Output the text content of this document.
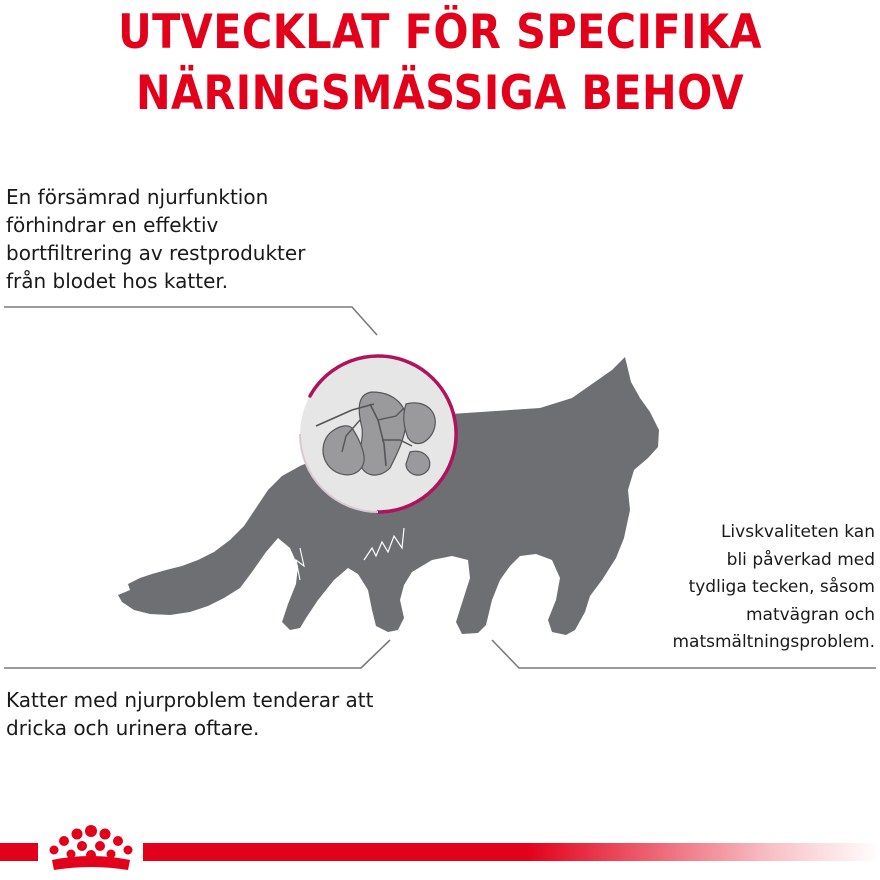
UTVECKLAT FÖR SPECIFIKA
NÄRINGSMÄSSIGA BEHOV

En försämrad njurfunktion
förhindrar en effektiv
bortfiltrering av restprodukter
från blodet hos katter.

Livskvaliteten kan
bli påverkad med
tydliga tecken, såsom
matvägran och
matsmältningsproblem.

Katter med njurproblem tenderar att
dricka och urinera oftare.
